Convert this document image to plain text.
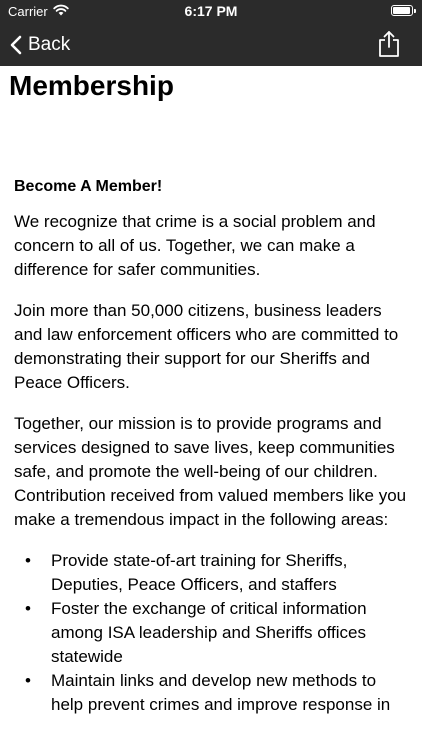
Carrier	6:17 PM
Back
Membership
Become A Member!

We recognize that crime is a social problem and concern to all of us. Together, we can make a difference for safer communities.

Join more than 50,000 citizens, business leaders and law enforcement officers who are committed to demonstrating their support for our Sheriffs and Peace Officers.

Together, our mission is to provide programs and services designed to save lives, keep communities safe, and promote the well-being of our children. Contribution received from valued members like you make a tremendous impact in the following areas:

• Provide state-of-art training for Sheriffs, Deputies, Peace Officers, and staffers
• Foster the exchange of critical information among ISA leadership and Sheriffs offices statewide
• Maintain links and develop new methods to help prevent crimes and improve response in
